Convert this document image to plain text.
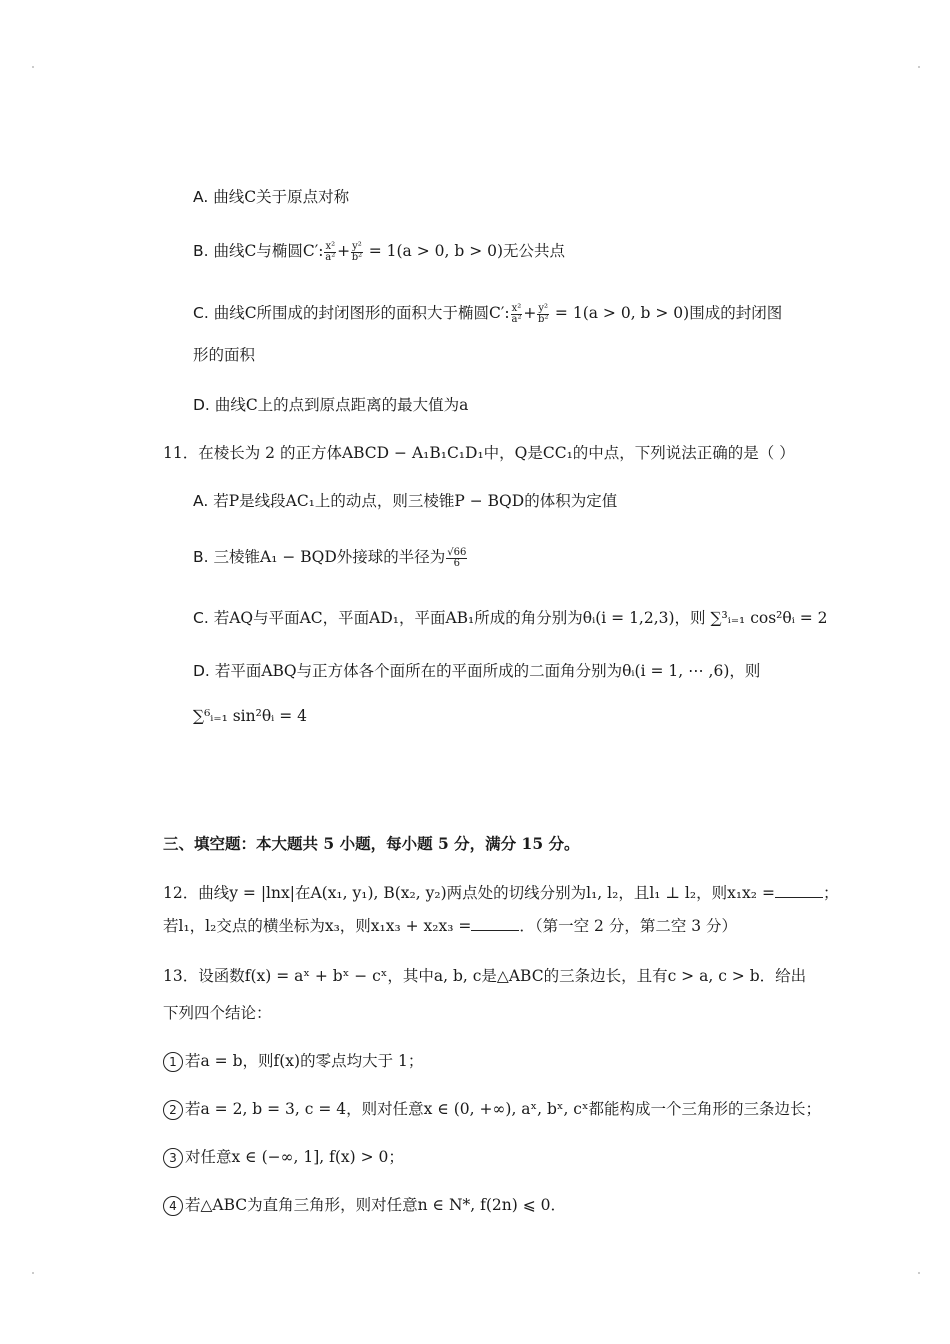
A. 曲线C关于原点对称
B. 曲线C与椭圆C′: $\frac{\text{x²}}{\text{a²}} + \frac{\text{y²}}{\text{b²}} = 1(a > 0$, b > 0)无公共点
C. 曲线C所围成的封闭图形的面积大于椭圆C′: $\frac{\text{x²}}{\text{a²}} + \frac{\text{y²}}{\text{b²}} = 1(a > 0$, b > 0)围成的封闭图
形的面积
D. 曲线C上的点到原点距离的最大值为a
11．在棱长为 2 的正方体ABCD − A₁B₁C₁D₁中，Q是CC₁的中点，下列说法正确的是（ ）
A. 若P是线段AC₁上的动点，则三棱锥P − BQD的体积为定值
B. 三棱锥A₁ − BQD外接球的半径为 $\frac{√66}{6}$
C. 若AQ与平面AC，平面AD₁，平面AB₁所成的角分别为θᵢ(i = 1,2,3)，则 ∑³ᵢ₌₁ cos²θᵢ = 2
D. 若平面ABQ与正方体各个面所在的平面所成的二面角分别为θᵢ(i = 1, ⋯ ,6)，则
∑⁶ᵢ₌₁ sin²θᵢ = 4
三、填空题：本大题共 5 小题，每小题 5 分，满分 15 分。
12．曲线y = |lnx|在A(x₁, y₁), B(x₂, y₂)两点处的切线分别为l₁, l₂，且l₁ ⊥ l₂，则x₁x₂ =	；
若l₁，l₂交点的横坐标为x₃，则x₁x₃ + x₂x₃ =	．（第一空 2 分，第二空 3 分）
13．设函数f(x) = aˣ + bˣ − cˣ，其中a, b, c是△ABC的三条边长，且有c > a, c > b．给出
下列四个结论：
1 若a = b，则f(x)的零点均大于 1；
2 若a = 2, b = 3, c = 4，则对任意x ∈ (0, +∞), aˣ, bˣ, cˣ都能构成一个三角形的三条边长；
3 对任意x ∈ (−∞, 1], f(x) > 0；
4 若△ABC为直角三角形，则对任意n ∈ N*, f(2n) ⩽ 0．
